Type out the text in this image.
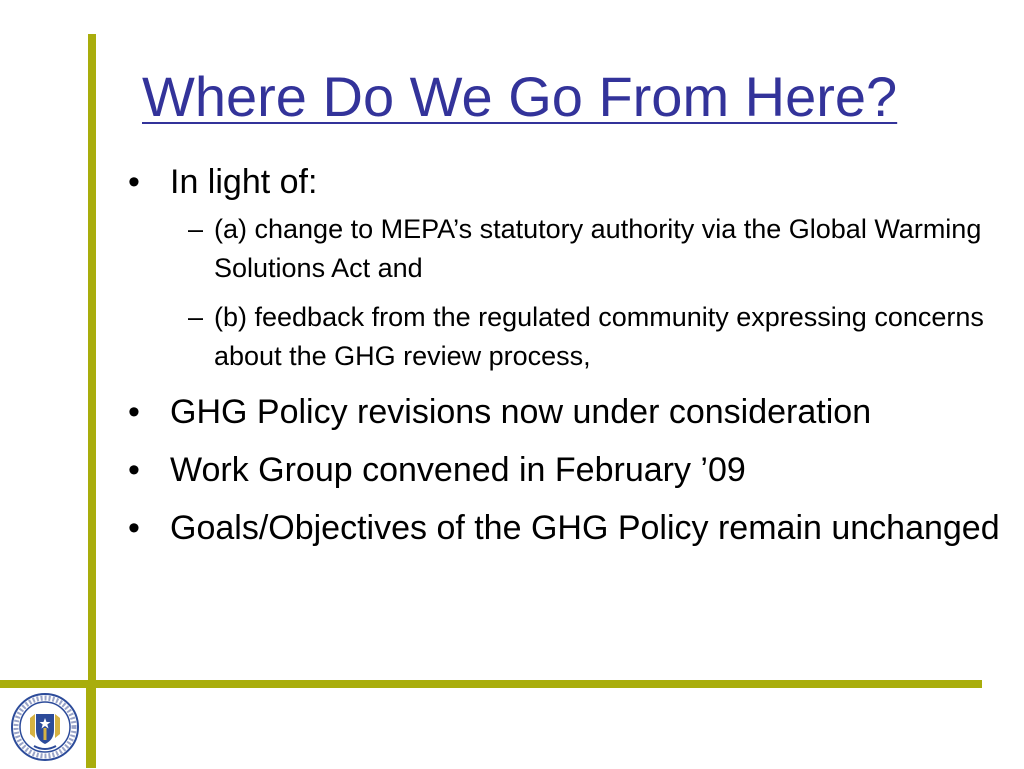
Where Do We Go From Here?
• In light of:
– (a) change to MEPA’s statutory authority via the Global Warming Solutions Act and
– (b) feedback from the regulated community expressing concerns about the GHG review process,
• GHG Policy revisions now under consideration
• Work Group convened in February ’09
• Goals/Objectives of the GHG Policy remain unchanged
